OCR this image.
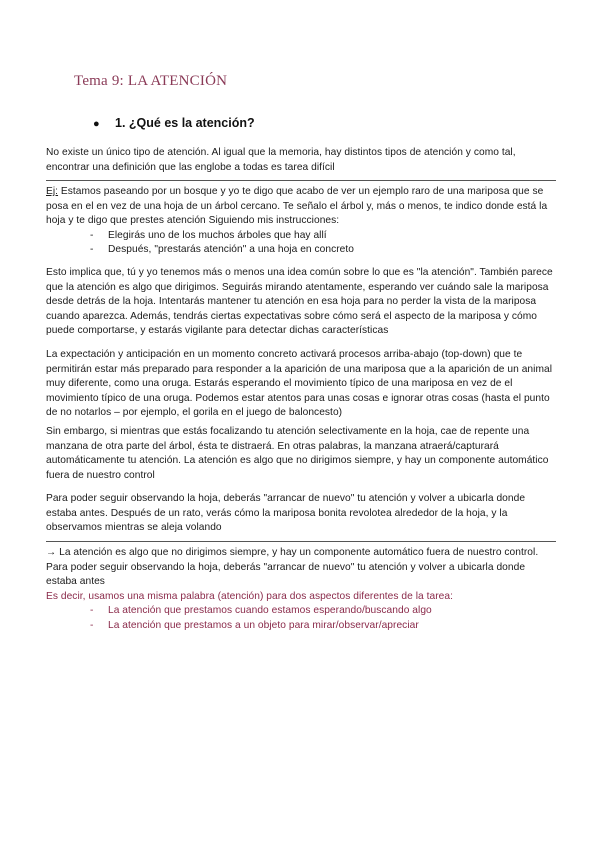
Tema 9: LA ATENCIÓN
● 1. ¿Qué es la atención?
No existe un único tipo de atención. Al igual que la memoria, hay distintos tipos de atención y como tal, encontrar una definición que las englobe a todas es tarea difícil
Ej: Estamos paseando por un bosque y yo te digo que acabo de ver un ejemplo raro de una mariposa que se posa en el en vez de una hoja de un árbol cercano. Te señalo el árbol y, más o menos, te indico donde está la hoja y te digo que prestes atención Siguiendo mis instrucciones:
- Elegirás uno de los muchos árboles que hay allí
- Después, "prestarás atención" a una hoja en concreto
Esto implica que, tú y yo tenemos más o menos una idea común sobre lo que es "la atención". También parece que la atención es algo que dirigimos. Seguirás mirando atentamente, esperando ver cuándo sale la mariposa desde detrás de la hoja. Intentarás mantener tu atención en esa hoja para no perder la vista de la mariposa cuando aparezca. Además, tendrás ciertas expectativas sobre cómo será el aspecto de la mariposa y cómo puede comportarse, y estarás vigilante para detectar dichas características
La expectación y anticipación en un momento concreto activará procesos arriba-abajo (top-down) que te permitirán estar más preparado para responder a la aparición de una mariposa que a la aparición de un animal muy diferente, como una oruga. Estarás esperando el movimiento típico de una mariposa en vez de el movimiento típico de una oruga. Podemos estar atentos para unas cosas e ignorar otras cosas (hasta el punto de no notarlos – por ejemplo, el gorila en el juego de baloncesto)
Sin embargo, si mientras que estás focalizando tu atención selectivamente en la hoja, cae de repente una manzana de otra parte del árbol, ésta te distraerá. En otras palabras, la manzana atraerá/capturará automáticamente tu atención. La atención es algo que no dirigimos siempre, y hay un componente automático fuera de nuestro control
Para poder seguir observando la hoja, deberás "arrancar de nuevo" tu atención y volver a ubicarla donde estaba antes. Después de un rato, verás cómo la mariposa bonita revolotea alrededor de la hoja, y la observamos mientras se aleja volando
→ La atención es algo que no dirigimos siempre, y hay un componente automático fuera de nuestro control.
Para poder seguir observando la hoja, deberás "arrancar de nuevo" tu atención y volver a ubicarla donde estaba antes
Es decir, usamos una misma palabra (atención) para dos aspectos diferentes de la tarea:
- La atención que prestamos cuando estamos esperando/buscando algo
- La atención que prestamos a un objeto para mirar/observar/apreciar
